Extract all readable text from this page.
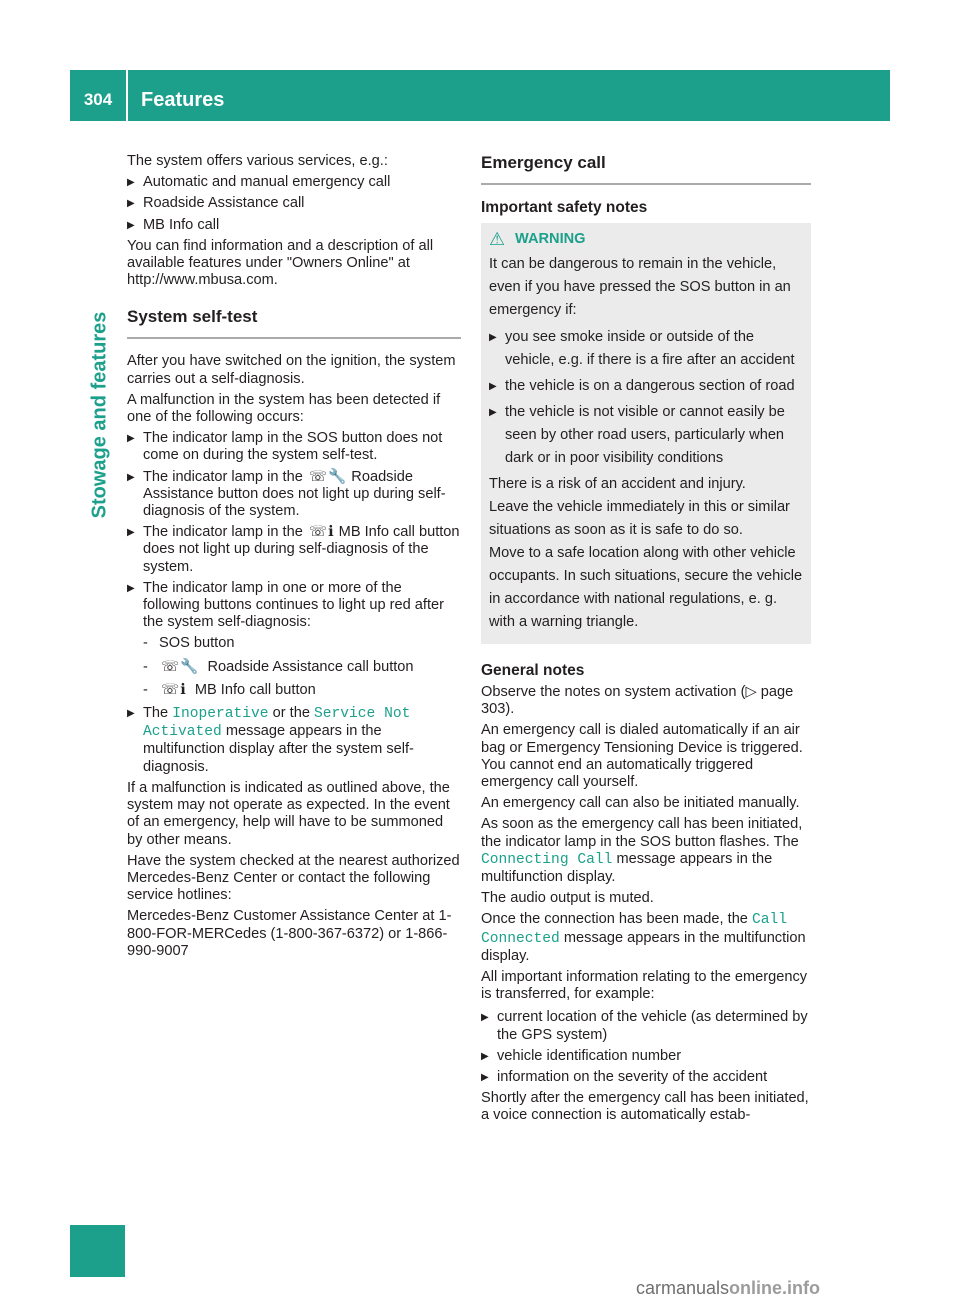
304	Features
Stowage and features

The system offers various services, e.g.:

▶ Automatic and manual emergency call
▶ Roadside Assistance call
▶ MB Info call

You can find information and a description of all available features under "Owners Online" at http://www.mbusa.com.

System self-test

After you have switched on the ignition, the system carries out a self-diagnosis.

A malfunction in the system has been detected if one of the following occurs:

▶ The indicator lamp in the SOS button does not come on during the system self-test.
▶ The indicator lamp in the ☏🔧 Roadside Assistance button does not light up during self-diagnosis of the system.
▶ The indicator lamp in the ☏ℹ MB Info call button does not light up during self-diagnosis of the system.
▶ The indicator lamp in one or more of the following buttons continues to light up red after the system self-diagnosis:
- SOS button
- ☏🔧 Roadside Assistance call button
- ☏ℹ MB Info call button
▶ The Inoperative or the Service Not Activated message appears in the multifunction display after the system self-diagnosis.

If a malfunction is indicated as outlined above, the system may not operate as expected. In the event of an emergency, help will have to be summoned by other means.

Have the system checked at the nearest authorized Mercedes-Benz Center or contact the following service hotlines:

Mercedes-Benz Customer Assistance Center at 1-800-FOR-MERCedes (1-800-367-6372) or 1-866-990-9007

Emergency call
Important safety notes
⚠ WARNING

It can be dangerous to remain in the vehicle, even if you have pressed the SOS button in an emergency if:

▶ you see smoke inside or outside of the vehicle, e.g. if there is a fire after an accident
▶ the vehicle is on a dangerous section of road
▶ the vehicle is not visible or cannot easily be seen by other road users, particularly when dark or in poor visibility conditions

There is a risk of an accident and injury.

Leave the vehicle immediately in this or similar situations as soon as it is safe to do so.

Move to a safe location along with other vehicle occupants. In such situations, secure the vehicle in accordance with national regulations, e. g. with a warning triangle.

General notes

Observe the notes on system activation (▷ page 303).

An emergency call is dialed automatically if an air bag or Emergency Tensioning Device is triggered. You cannot end an automatically triggered emergency call yourself.

An emergency call can also be initiated manually.

As soon as the emergency call has been initiated, the indicator lamp in the SOS button flashes. The Connecting Call message appears in the multifunction display.

The audio output is muted.

Once the connection has been made, the Call Connected message appears in the multifunction display.

All important information relating to the emergency is transferred, for example:

▶ current location of the vehicle (as determined by the GPS system)
▶ vehicle identification number
▶ information on the severity of the accident

Shortly after the emergency call has been initiated, a voice connection is automatically estab-

carmanualsonline.info
